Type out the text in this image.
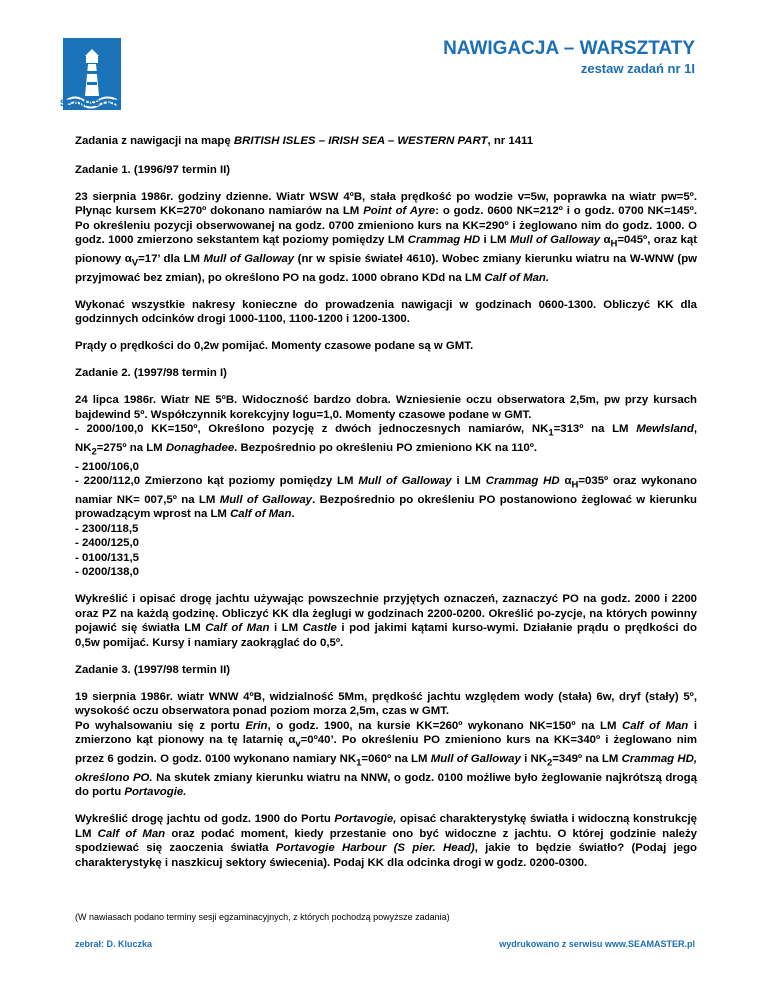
SEAMASTER
NAWIGACJA – WARSZTATY
zestaw zadań nr 1I

Zadania z nawigacji na mapę BRITISH ISLES – IRISH SEA – WESTERN PART, nr 1411

Zadanie 1. (1996/97 termin II)

23 sierpnia 1986r. godziny dzienne. Wiatr WSW 4ºB, stała prędkość po wodzie v=5w, poprawka na wiatr pw=5º. Płynąc kursem KK=270º dokonano namiarów na LM Point of Ayre: o godz. 0600 NK=212º i o godz. 0700 NK=145º. Po określeniu pozycji obserwowanej na godz. 0700 zmieniono kurs na KK=290º i żeglowano nim do godz. 1000. O godz. 1000 zmierzono sekstantem kąt poziomy pomiędzy LM Crammag HD i LM Mull of Galloway $\alpha_H=045º$, oraz kąt pionowy $\alpha_V=17$’ dla LM Mull of Galloway (nr w spisie świateł 4610). Wobec zmiany kierunku wiatru na W-WNW (pw przyjmować bez zmian), po określono PO na godz. 1000 obrano KDd na LM Calf of Man.

Wykonać wszystkie nakresy konieczne do prowadzenia nawigacji w godzinach 0600-1300. Obliczyć KK dla godzinnych odcinków drogi 1000-1100, 1100-1200 i 1200-1300.

Prądy o prędkości do 0,2w pomijać. Momenty czasowe podane są w GMT.

Zadanie 2. (1997/98 termin I)

24 lipca 1986r. Wiatr NE 5ºB. Widoczność bardzo dobra. Wzniesienie oczu obserwatora 2,5m, pw przy kursach bajdewind 5º. Współczynnik korekcyjny logu=1,0. Momenty czasowe podane w GMT.

- 2000/100,0 KK=150º, Określono pozycję z dwóch jednoczesnych namiarów, $NK_1=313º$ na LM Mewlsland, $NK_2=275º$ na LM Donaghadee. Bezpośrednio po określeniu PO zmieniono KK na 110º.

- 2100/106,0

- 2200/112,0 Zmierzono kąt poziomy pomiędzy LM Mull of Galloway i LM Crammag HD $\alpha_H=035º$ oraz wykonano namiar NK= 007,5º na LM Mull of Galloway. Bezpośrednio po określeniu PO postanowiono żeglować w kierunku prowadzącym wprost na LM Calf of Man.

- 2300/118,5

- 2400/125,0

- 0100/131,5

- 0200/138,0

Wykreślić i opisać drogę jachtu używając powszechnie przyjętych oznaczeń, zaznaczyć PO na godz. 2000 i 2200 oraz PZ na każdą godzinę. Obliczyć KK dla żeglugi w godzinach 2200-0200. Określić po-zycje, na których powinny pojawić się światła LM Calf of Man i LM Castle i pod jakimi kątami kurso-wymi. Działanie prądu o prędkości do 0,5w pomijać. Kursy i namiary zaokrąglać do 0,5º.

Zadanie 3. (1997/98 termin II)

19 sierpnia 1986r. wiatr WNW 4ºB, widzialność 5Mm, prędkość jachtu względem wody (stała) 6w, dryf (stały) 5º, wysokość oczu obserwatora ponad poziom morza 2,5m, czas w GMT.
Po wyhalsowaniu się z portu Erin, o godz. 1900, na kursie KK=260º wykonano NK=150º na LM Calf of Man i zmierzono kąt pionowy na tę latarnię $\alpha_v=0º40$’. Po określeniu PO zmieniono kurs na KK=340º i żeglowano nim przez 6 godzin. O godz. 0100 wykonano namiary $NK_1=060º$ na LM Mull of Galloway i $NK_2=349º$ na LM Crammag HD, określono PO. Na skutek zmiany kierunku wiatru na NNW, o godz. 0100 możliwe było żeglowanie najkrótszą drogą do portu Portavogie.

Wykreślić drogę jachtu od godz. 1900 do Portu Portavogie, opisać charakterystykę światła i widoczną konstrukcję LM Calf of Man oraz podać moment, kiedy przestanie ono być widoczne z jachtu. O której godzinie należy spodziewać się zaoczenia światła Portavogie Harbour (S pier. Head), jakie to będzie światło? (Podaj jego charakterystykę i naszkicuj sektory świecenia). Podaj KK dla odcinka drogi w godz. 0200-0300.

(W nawiasach podano terminy sesji egzaminacyjnych, z których pochodzą powyższe zadania)
zebrał: D. Kluczka	wydrukowano z serwisu www.SEAMASTER.pl
